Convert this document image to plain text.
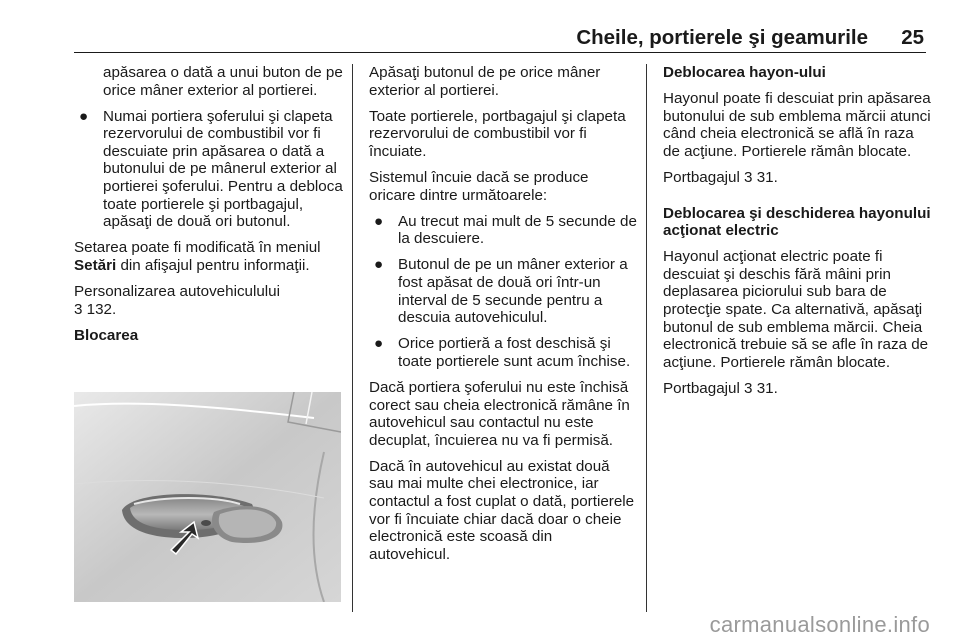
Cheile, portierele şi geamurile 25

apăsarea o dată a unui buton de pe orice mâner exterior al portierei.

● Numai portiera şoferului şi clapeta rezervorului de combustibil vor fi descuiate prin apăsarea o dată a butonului de pe mânerul exterior al portierei şoferului. Pentru a debloca toate portierele şi portbagajul, apăsaţi de două ori butonul.

Setarea poate fi modificată în meniul Setări din afişajul pentru informaţii.

Personalizarea autovehiculului
3 132.

Blocarea

Apăsaţi butonul de pe orice mâner exterior al portierei.

Toate portierele, portbagajul şi clapeta rezervorului de combustibil vor fi încuiate.

Sistemul încuie dacă se produce oricare dintre următoarele:

● Au trecut mai mult de 5 secunde de la descuiere.
● Butonul de pe un mâner exterior a fost apăsat de două ori într-un interval de 5 secunde pentru a descuia autovehiculul.
● Orice portieră a fost deschisă şi toate portierele sunt acum închise.

Dacă portiera şoferului nu este închisă corect sau cheia electronică rămâne în autovehicul sau contactul nu este decuplat, încuierea nu va fi permisă.

Dacă în autovehicul au existat două sau mai multe chei electronice, iar contactul a fost cuplat o dată, portierele vor fi încuiate chiar dacă doar o cheie electronică este scoasă din autovehicul.

Deblocarea hayon-ului

Hayonul poate fi descuiat prin apăsarea butonului de sub emblema mărcii atunci când cheia electronică se află în raza de acţiune. Portierele rămân blocate.

Portbagajul 3 31.

Deblocarea şi deschiderea hayonului acţionat electric

Hayonul acţionat electric poate fi descuiat şi deschis fără mâini prin deplasarea piciorului sub bara de protecţie spate. Ca alternativă, apăsaţi butonul de sub emblema mărcii. Cheia electronică trebuie să se afle în raza de acţiune. Portierele rămân blocate.

Portbagajul 3 31.

carmanualsonline.info
